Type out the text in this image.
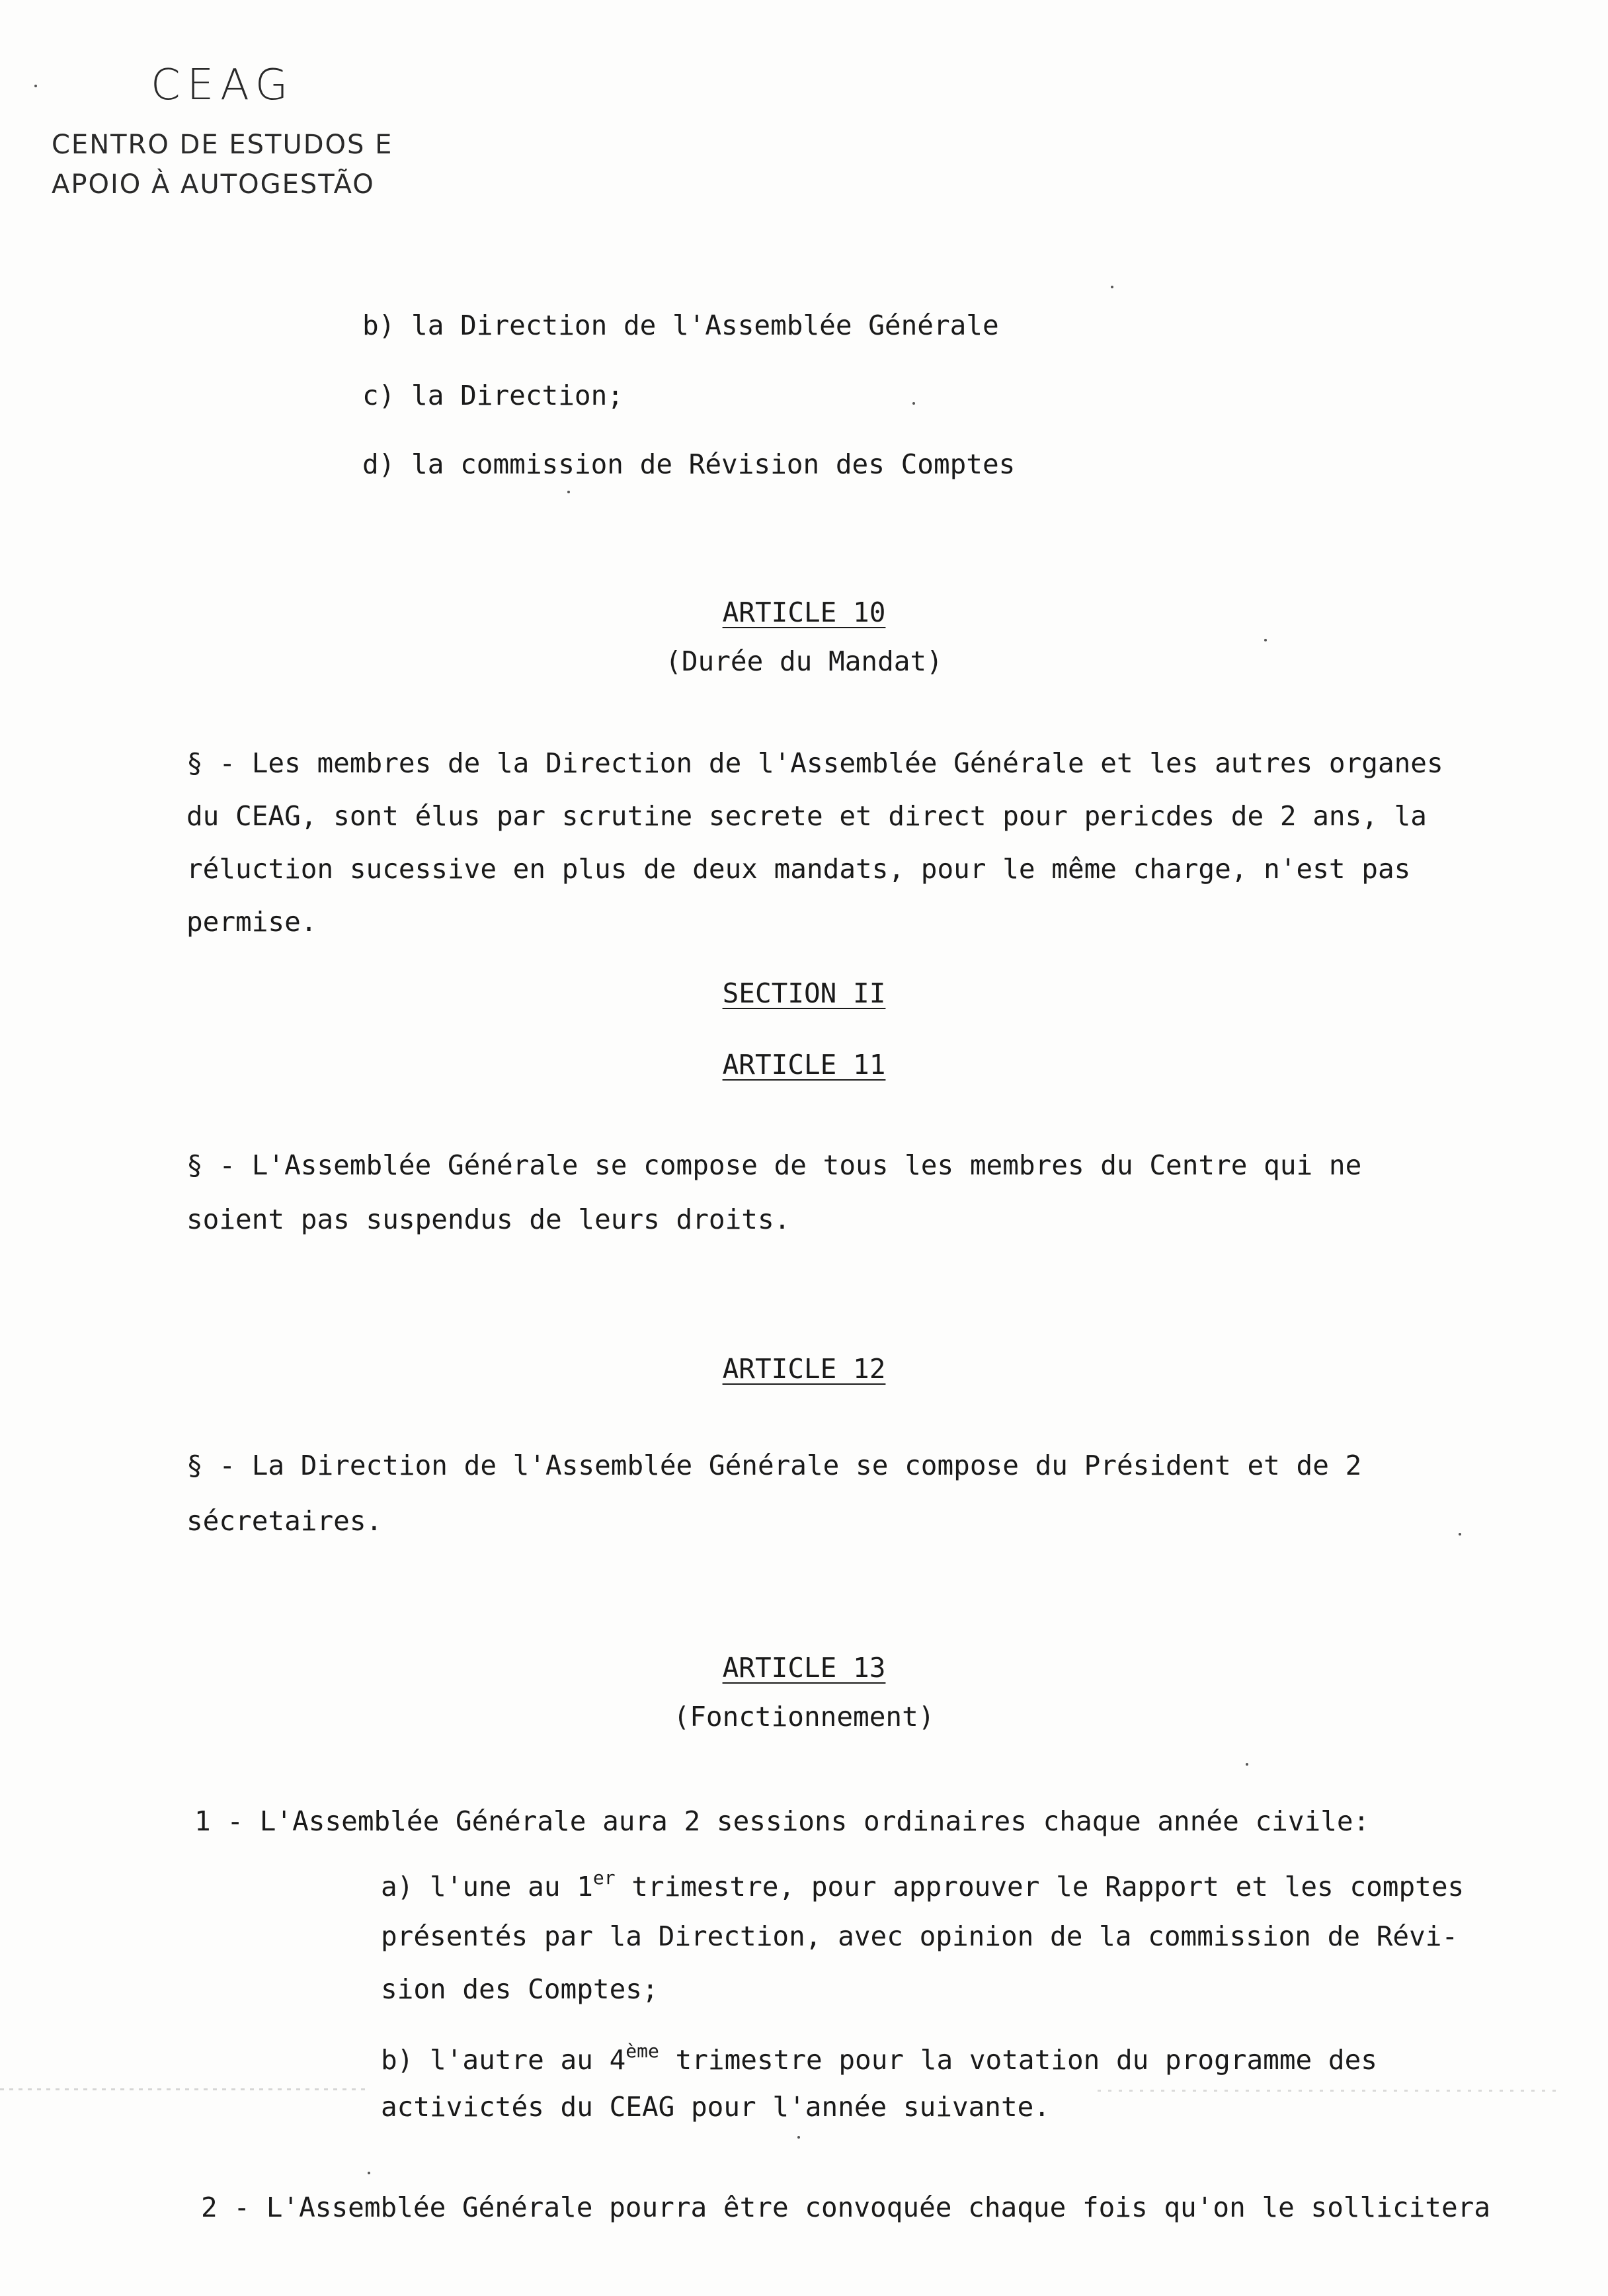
CEAG
CENTRO DE ESTUDOS E
APOIO À AUTOGESTÃO
b) la Direction de l'Assemblée Générale
c) la Direction;
d) la commission de Révision des Comptes
ARTICLE 10
(Durée du Mandat)
§ - Les membres de la Direction de l'Assemblée Générale et les autres organes
du CEAG, sont élus par scrutine secrete et direct pour pericdes de 2 ans, la
réluction sucessive en plus de deux mandats, pour le même charge, n'est pas
permise.
SECTION II
ARTICLE 11
§ - L'Assemblée Générale se compose de tous les membres du Centre qui ne
soient pas suspendus de leurs droits.
ARTICLE 12
§ - La Direction de l'Assemblée Générale se compose du Président et de 2
sécretaires.
ARTICLE 13
(Fonctionnement)
1 - L'Assemblée Générale aura 2 sessions ordinaires chaque année civile:
a) l'une au 1er trimestre, pour approuver le Rapport et les comptes
présentés par la Direction, avec opinion de la commission de Révi-
sion des Comptes;
b) l'autre au 4ème trimestre pour la votation du programme des
activictés du CEAG pour l'année suivante.
2 - L'Assemblée Générale pourra être convoquée chaque fois qu'on le sollicitera
